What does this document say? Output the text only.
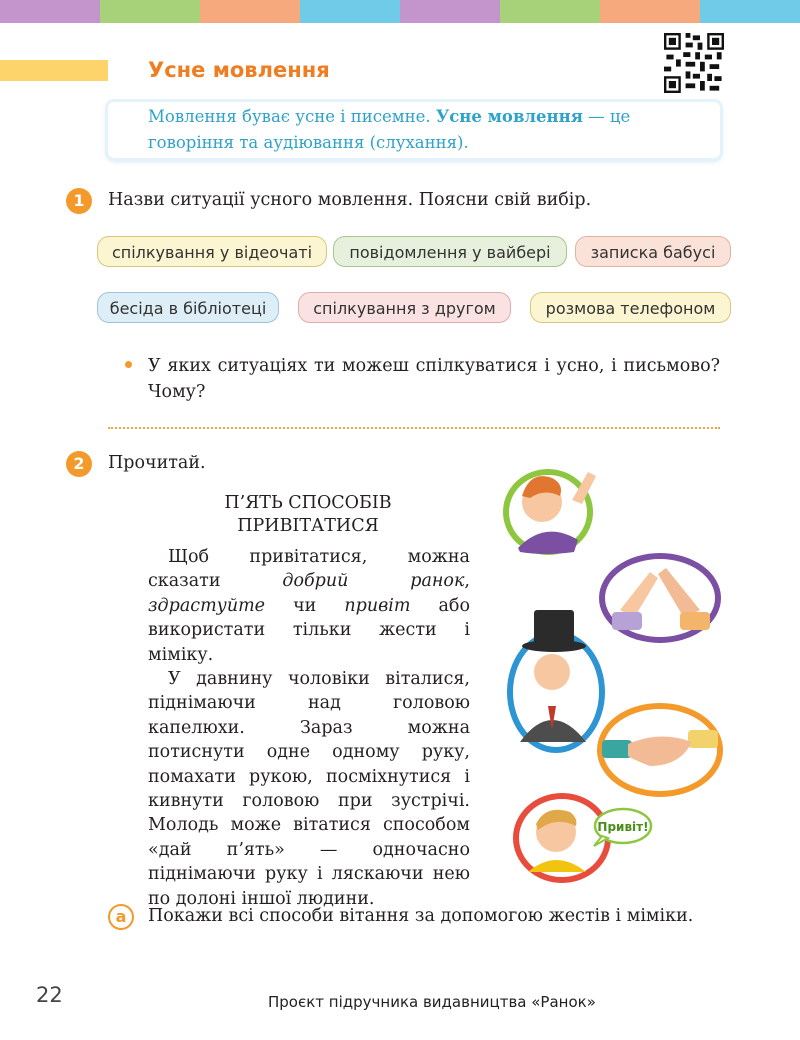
Усне мовлення
Мовлення буває усне і писемне. Усне мовлення — це говоріння та аудіювання (слухання).
1	Назви ситуації усного мовлення. Поясни свій вибір.
спілкування у відеочаті	повідомлення у вайбері	записка бабусі
бесіда в бібліотеці	спілкування з другом	розмова телефоном
У яких ситуаціях ти можеш спілкуватися і усно, і письмово? Чому?
2	Прочитай.
П’ЯТЬ СПОСОБІВ
ПРИВІТАТИСЯ

Щоб привітатися, можна сказати добрий ранок, здрастуйте чи привіт або використати тільки жести і міміку.

У давнину чоловіки віталися, піднімаючи над головою капелюхи. Зараз можна потиснути одне одному руку, помахати рукою, посміхнутися і кивнути головою при зустрічі. Молодь може вітатися способом «дай п’ять» — одночасно піднімаючи руку і ляскаючи нею по долоні іншої людини.

Привіт!
а	Покажи всі способи вітання за допомогою жестів і міміки.
22	Проєкт підручника видавництва «Ранок»
